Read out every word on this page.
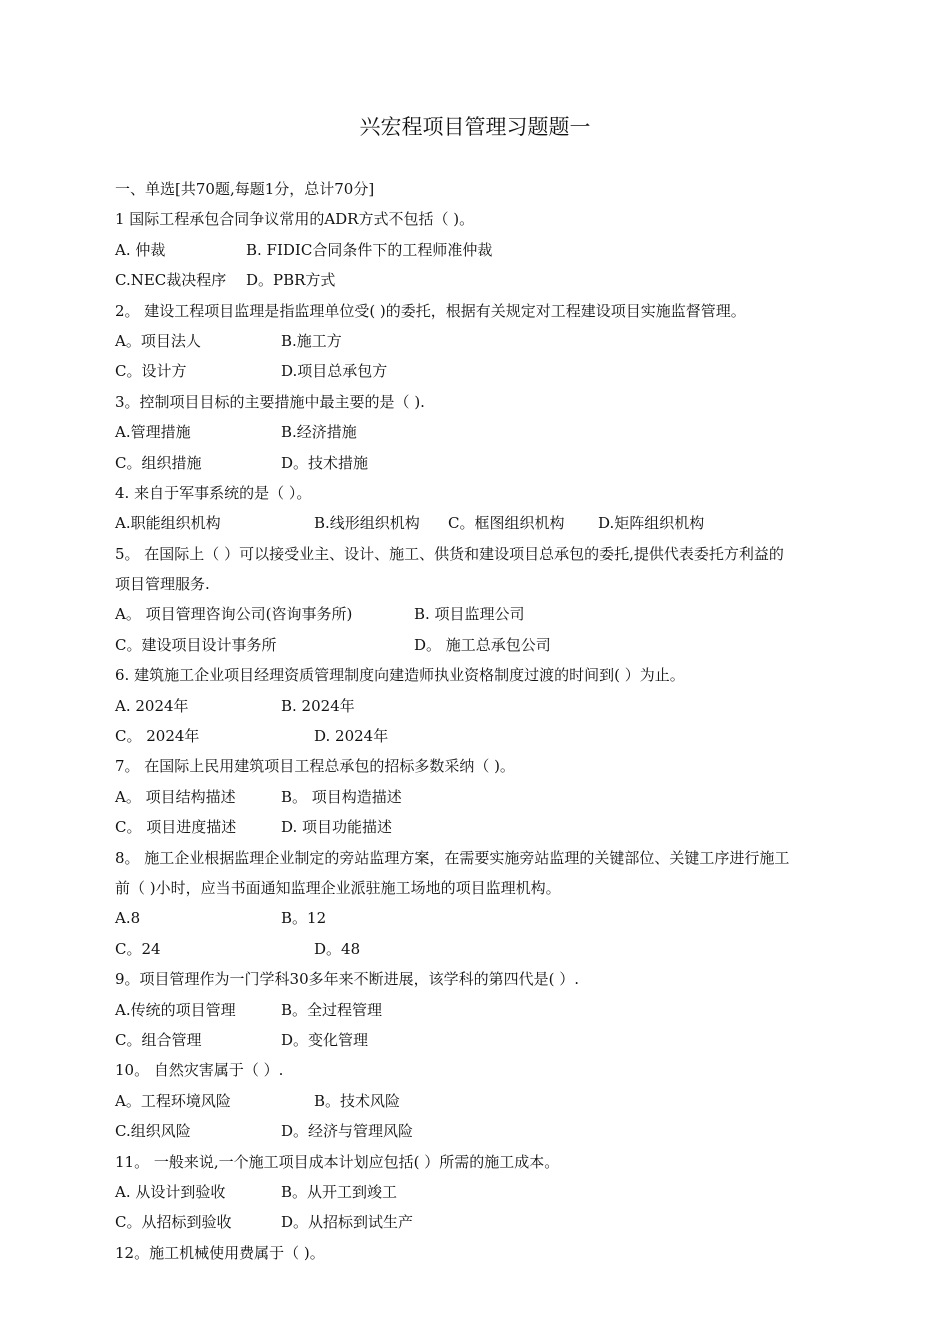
兴宏程项目管理习题题一
一、单选[共70题,每题1分，总计70分]
1 国际工程承包合同争议常用的ADR方式不包括（ )。
A. 仲裁	B. FIDIC合同条件下的工程师准仲裁
C.NEC裁决程序 D。PBR方式
2。 建设工程项目监理是指监理单位受( )的委托，根据有关规定对工程建设项目实施监督管理。
A。项目法人	B.施工方
C。设计方	D.项目总承包方
3。控制项目目标的主要措施中最主要的是（ ).
A.管理措施	B.经济措施
C。组织措施	D。技术措施
4. 来自于军事系统的是（ ）。
A.职能组织机构	B.线形组织机构 C。框图组织机构 D.矩阵组织机构
5。 在国际上（ ）可以接受业主、设计、施工、供货和建设项目总承包的委托,提供代表委托方利益的
项目管理服务.
A。 项目管理咨询公司(咨询事务所)	B. 项目监理公司
C。建设项目设计事务所	D。 施工总承包公司
6. 建筑施工企业项目经理资质管理制度向建造师执业资格制度过渡的时间到( ）为止。
A. 2024年	B. 2024年
C。 2024年	D. 2024年
7。 在国际上民用建筑项目工程总承包的招标多数采纳（ )。
A。 项目结构描述	B。 项目构造描述
C。 项目进度描述	D. 项目功能描述
8。 施工企业根据监理企业制定的旁站监理方案，在需要实施旁站监理的关键部位、关键工序进行施工
前（ )小时，应当书面通知监理企业派驻施工场地的项目监理机构。
A.8	B。12
C。24	D。48
9。项目管理作为一门学科30多年来不断进展，该学科的第四代是( ）.
A.传统的项目管理	B。全过程管理
C。组合管理	D。变化管理
10。 自然灾害属于（ ）.
A。工程环境风险	B。技术风险
C.组织风险	D。经济与管理风险
11。 一般来说,一个施工项目成本计划应包括( ）所需的施工成本。
A. 从设计到验收	B。从开工到竣工
C。从招标到验收	D。从招标到试生产
12。施工机械使用费属于（ )。
